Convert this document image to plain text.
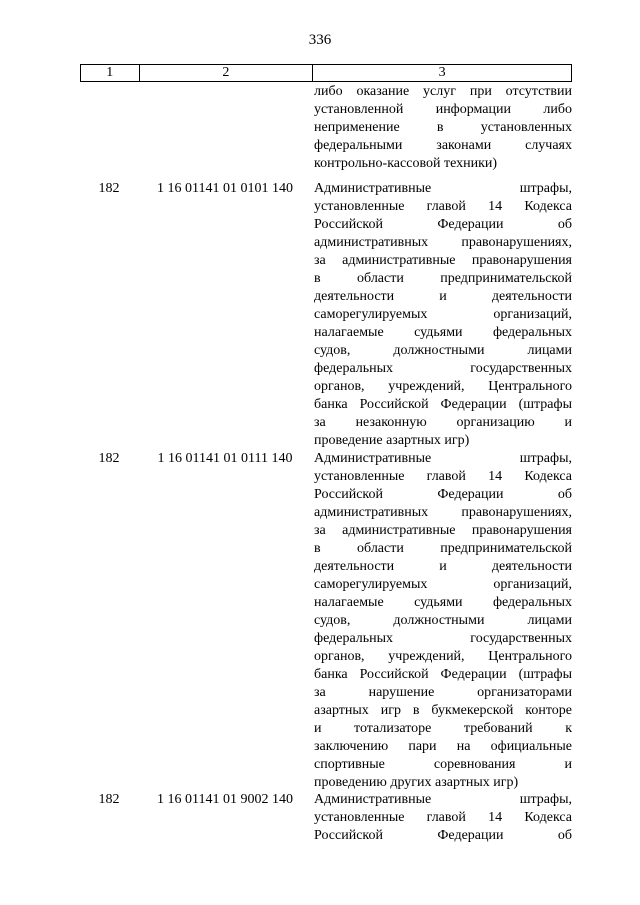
336
1	2	3
либо оказание услуг при отсутствии
установленной информации либо
неприменение в установленных
федеральными законами случаях
контрольно-кассовой техники)
182	1 16 01141 01 0101 140	Административные штрафы,
установленные главой 14 Кодекса
Российской Федерации об
административных правонарушениях,
за административные правонарушения
в области предпринимательской
деятельности и деятельности
саморегулируемых организаций,
налагаемые судьями федеральных
судов, должностными лицами
федеральных государственных
органов, учреждений, Центрального
банка Российской Федерации (штрафы
за незаконную организацию и
проведение азартных игр)
182	1 16 01141 01 0111 140	Административные штрафы,
установленные главой 14 Кодекса
Российской Федерации об
административных правонарушениях,
за административные правонарушения
в области предпринимательской
деятельности и деятельности
саморегулируемых организаций,
налагаемые судьями федеральных
судов, должностными лицами
федеральных государственных
органов, учреждений, Центрального
банка Российской Федерации (штрафы
за нарушение организаторами
азартных игр в букмекерской конторе
и тотализаторе требований к
заключению пари на официальные
спортивные соревнования и
проведению других азартных игр)
182	1 16 01141 01 9002 140	Административные штрафы,
установленные главой 14 Кодекса
Российской Федерации об
